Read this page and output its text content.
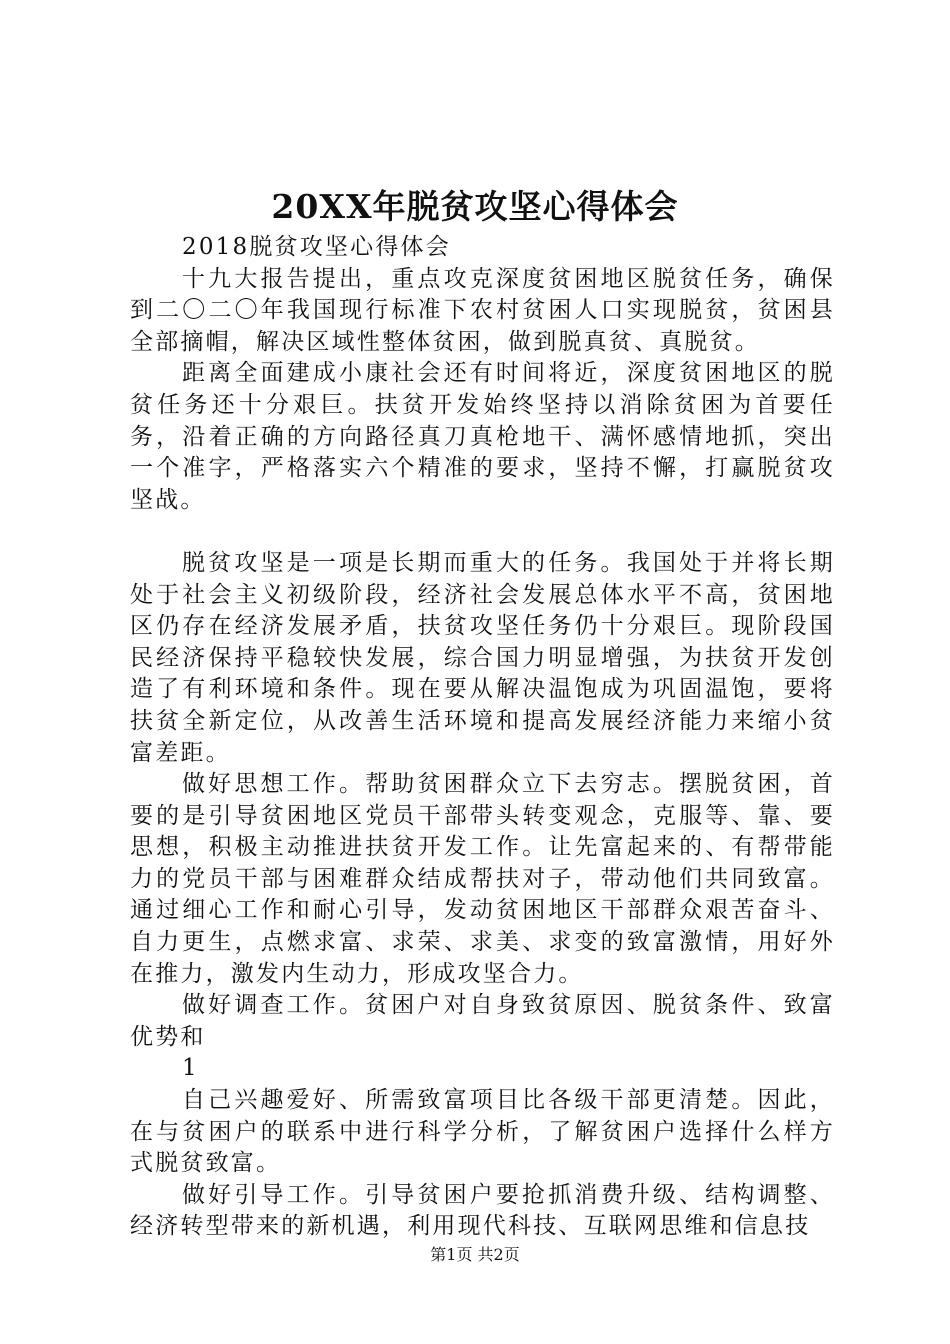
20XX年脱贫攻坚心得体会

2018脱贫攻坚心得体会

十九大报告提出，重点攻克深度贫困地区脱贫任务，确保到二〇二〇年我国现行标准下农村贫困人口实现脱贫，贫困县全部摘帽，解决区域性整体贫困，做到脱真贫、真脱贫。

距离全面建成小康社会还有时间将近，深度贫困地区的脱贫任务还十分艰巨。扶贫开发始终坚持以消除贫困为首要任务，沿着正确的方向路径真刀真枪地干、满怀感情地抓，突出一个准字，严格落实六个精准的要求，坚持不懈，打赢脱贫攻坚战。

脱贫攻坚是一项是长期而重大的任务。我国处于并将长期处于社会主义初级阶段，经济社会发展总体水平不高，贫困地区仍存在经济发展矛盾，扶贫攻坚任务仍十分艰巨。现阶段国民经济保持平稳较快发展，综合国力明显增强，为扶贫开发创造了有利环境和条件。现在要从解决温饱成为巩固温饱，要将扶贫全新定位，从改善生活环境和提高发展经济能力来缩小贫富差距。

做好思想工作。帮助贫困群众立下去穷志。摆脱贫困，首要的是引导贫困地区党员干部带头转变观念，克服等、靠、要思想，积极主动推进扶贫开发工作。让先富起来的、有帮带能力的党员干部与困难群众结成帮扶对子，带动他们共同致富。通过细心工作和耐心引导，发动贫困地区干部群众艰苦奋斗、自力更生，点燃求富、求荣、求美、求变的致富激情，用好外在推力，激发内生动力，形成攻坚合力。

做好调查工作。贫困户对自身致贫原因、脱贫条件、致富优势和

1

自己兴趣爱好、所需致富项目比各级干部更清楚。因此，在与贫困户的联系中进行科学分析，了解贫困户选择什么样方式脱贫致富。

做好引导工作。引导贫困户要抢抓消费升级、结构调整、经济转型带来的新机遇，利用现代科技、互联网思维和信息技

第1页 共2页
